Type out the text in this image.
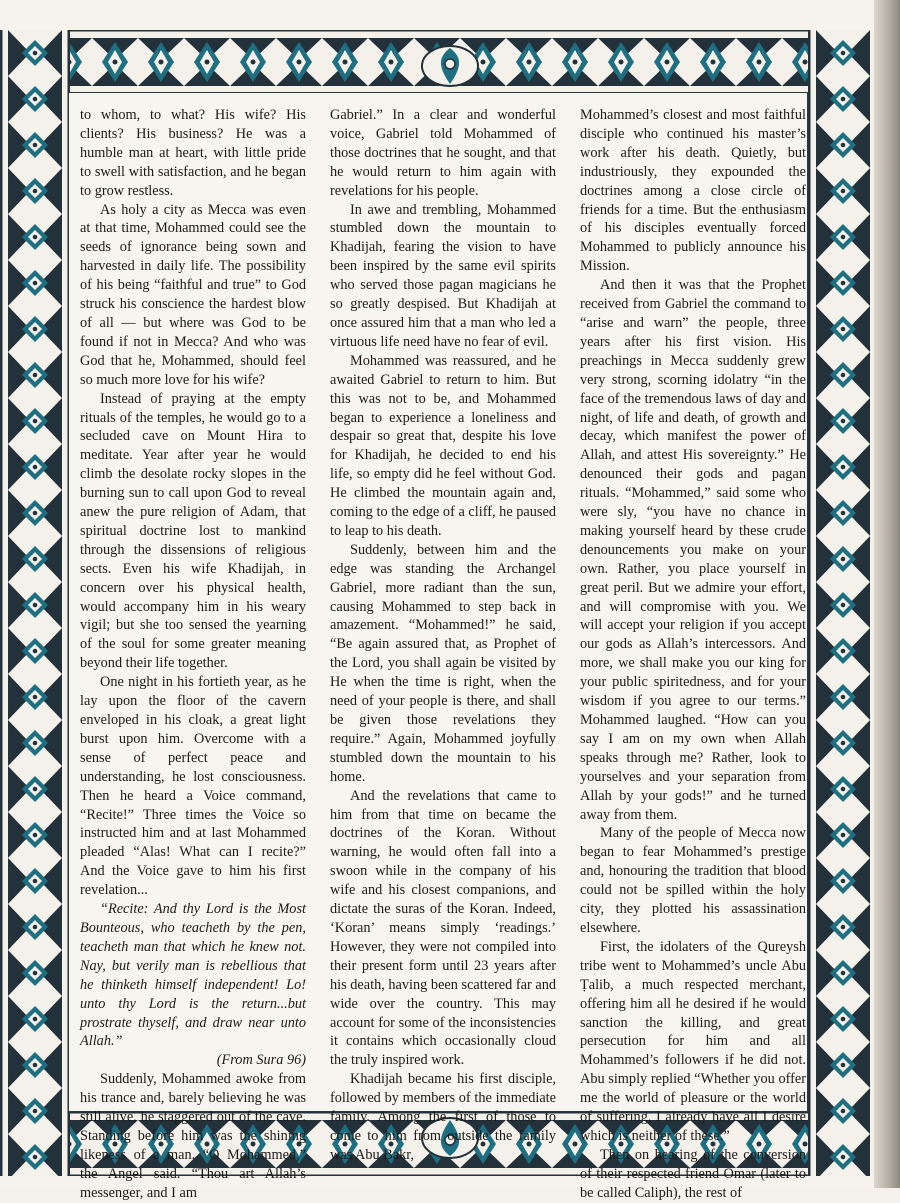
to whom, to what? His wife? His clients? His business? He was a humble man at heart, with little pride to swell with satisfaction, and he began to grow restless.

As holy a city as Mecca was even at that time, Mohammed could see the seeds of ignorance being sown and harvested in daily life. The possibility of his being “faithful and true” to God struck his conscience the hardest blow of all — but where was God to be found if not in Mecca? And who was God that he, Mohammed, should feel so much more love for his wife?

Instead of praying at the empty rituals of the temples, he would go to a secluded cave on Mount Hira to meditate. Year after year he would climb the desolate rocky slopes in the burning sun to call upon God to reveal anew the pure religion of Adam, that spiritual doctrine lost to mankind through the dissensions of religious sects. Even his wife Khadijah, in concern over his physical health, would accompany him in his weary vigil; but she too sensed the yearning of the soul for some greater meaning beyond their life together.

One night in his fortieth year, as he lay upon the floor of the cavern enveloped in his cloak, a great light burst upon him. Overcome with a sense of perfect peace and understanding, he lost consciousness. Then he heard a Voice command, “Recite!” Three times the Voice so instructed him and at last Mohammed pleaded “Alas! What can I recite?” And the Voice gave to him his first revelation...

“Recite: And thy Lord is the Most Bounteous, who teacheth by the pen, teacheth man that which he knew not. Nay, but verily man is rebellious that he thinketh himself independent! Lo! unto thy Lord is the return...but prostrate thyself, and draw near unto Allah.”

(From Sura 96)

Suddenly, Mohammed awoke from his trance and, barely believing he was still alive, he staggered out of the cave. Standing before him was the shining likeness of a man. “O Mohammed,” the Angel said. “Thou art Allah’s messenger, and I am

Gabriel.” In a clear and wonderful voice, Gabriel told Mohammed of those doctrines that he sought, and that he would return to him again with revelations for his people.

In awe and trembling, Mohammed stumbled down the mountain to Khadijah, fearing the vision to have been inspired by the same evil spirits who served those pagan magicians he so greatly despised. But Khadijah at once assured him that a man who led a virtuous life need have no fear of evil.

Mohammed was reassured, and he awaited Gabriel to return to him. But this was not to be, and Mohammed began to experience a loneliness and despair so great that, despite his love for Khadijah, he decided to end his life, so empty did he feel without God. He climbed the mountain again and, coming to the edge of a cliff, he paused to leap to his death.

Suddenly, between him and the edge was standing the Archangel Gabriel, more radiant than the sun, causing Mohammed to step back in amazement. “Mohammed!” he said, “Be again assured that, as Prophet of the Lord, you shall again be visited by He when the time is right, when the need of your people is there, and shall be given those revelations they require.” Again, Mohammed joyfully stumbled down the mountain to his home.

And the revelations that came to him from that time on became the doctrines of the Koran. Without warning, he would often fall into a swoon while in the company of his wife and his closest companions, and dictate the suras of the Koran. Indeed, ‘Koran’ means simply ‘readings.’ However, they were not compiled into their present form until 23 years after his death, having been scattered far and wide over the country. This may account for some of the inconsistencies it contains which occasionally cloud the truly inspired work.

Khadijah became his first disciple, followed by members of the immediate family. Among the first of those to come to him from outside the family was Abu Bakr,

Mohammed’s closest and most faithful disciple who continued his master’s work after his death. Quietly, but industriously, they expounded the doctrines among a close circle of friends for a time. But the enthusiasm of his disciples eventually forced Mohammed to publicly announce his Mission.

And then it was that the Prophet received from Gabriel the command to “arise and warn” the people, three years after his first vision. His preachings in Mecca suddenly grew very strong, scorning idolatry “in the face of the tremendous laws of day and night, of life and death, of growth and decay, which manifest the power of Allah, and attest His sovereignty.” He denounced their gods and pagan rituals. “Mohammed,” said some who were sly, “you have no chance in making yourself heard by these crude denouncements you make on your own. Rather, you place yourself in great peril. But we admire your effort, and will compromise with you. We will accept your religion if you accept our gods as Allah’s intercessors. And more, we shall make you our king for your public spiritedness, and for your wisdom if you agree to our terms.” Mohammed laughed. “How can you say I am on my own when Allah speaks through me? Rather, look to yourselves and your separation from Allah by your gods!” and he turned away from them.

Many of the people of Mecca now began to fear Mohammed’s prestige and, honouring the tradition that blood could not be spilled within the holy city, they plotted his assassination elsewhere.

First, the idolaters of the Qureysh tribe went to Mohammed’s uncle Abu Ṭalib, a much respected merchant, offering him all he desired if he would sanction the killing, and great persecution for him and all Mohammed’s followers if he did not. Abu simply replied “Whether you offer me the world of pleasure or the world of suffering, I already have all I desire which is neither of these.”

Then on hearing of the conversion of their respected friend Omar (later to be called Caliph), the rest of
